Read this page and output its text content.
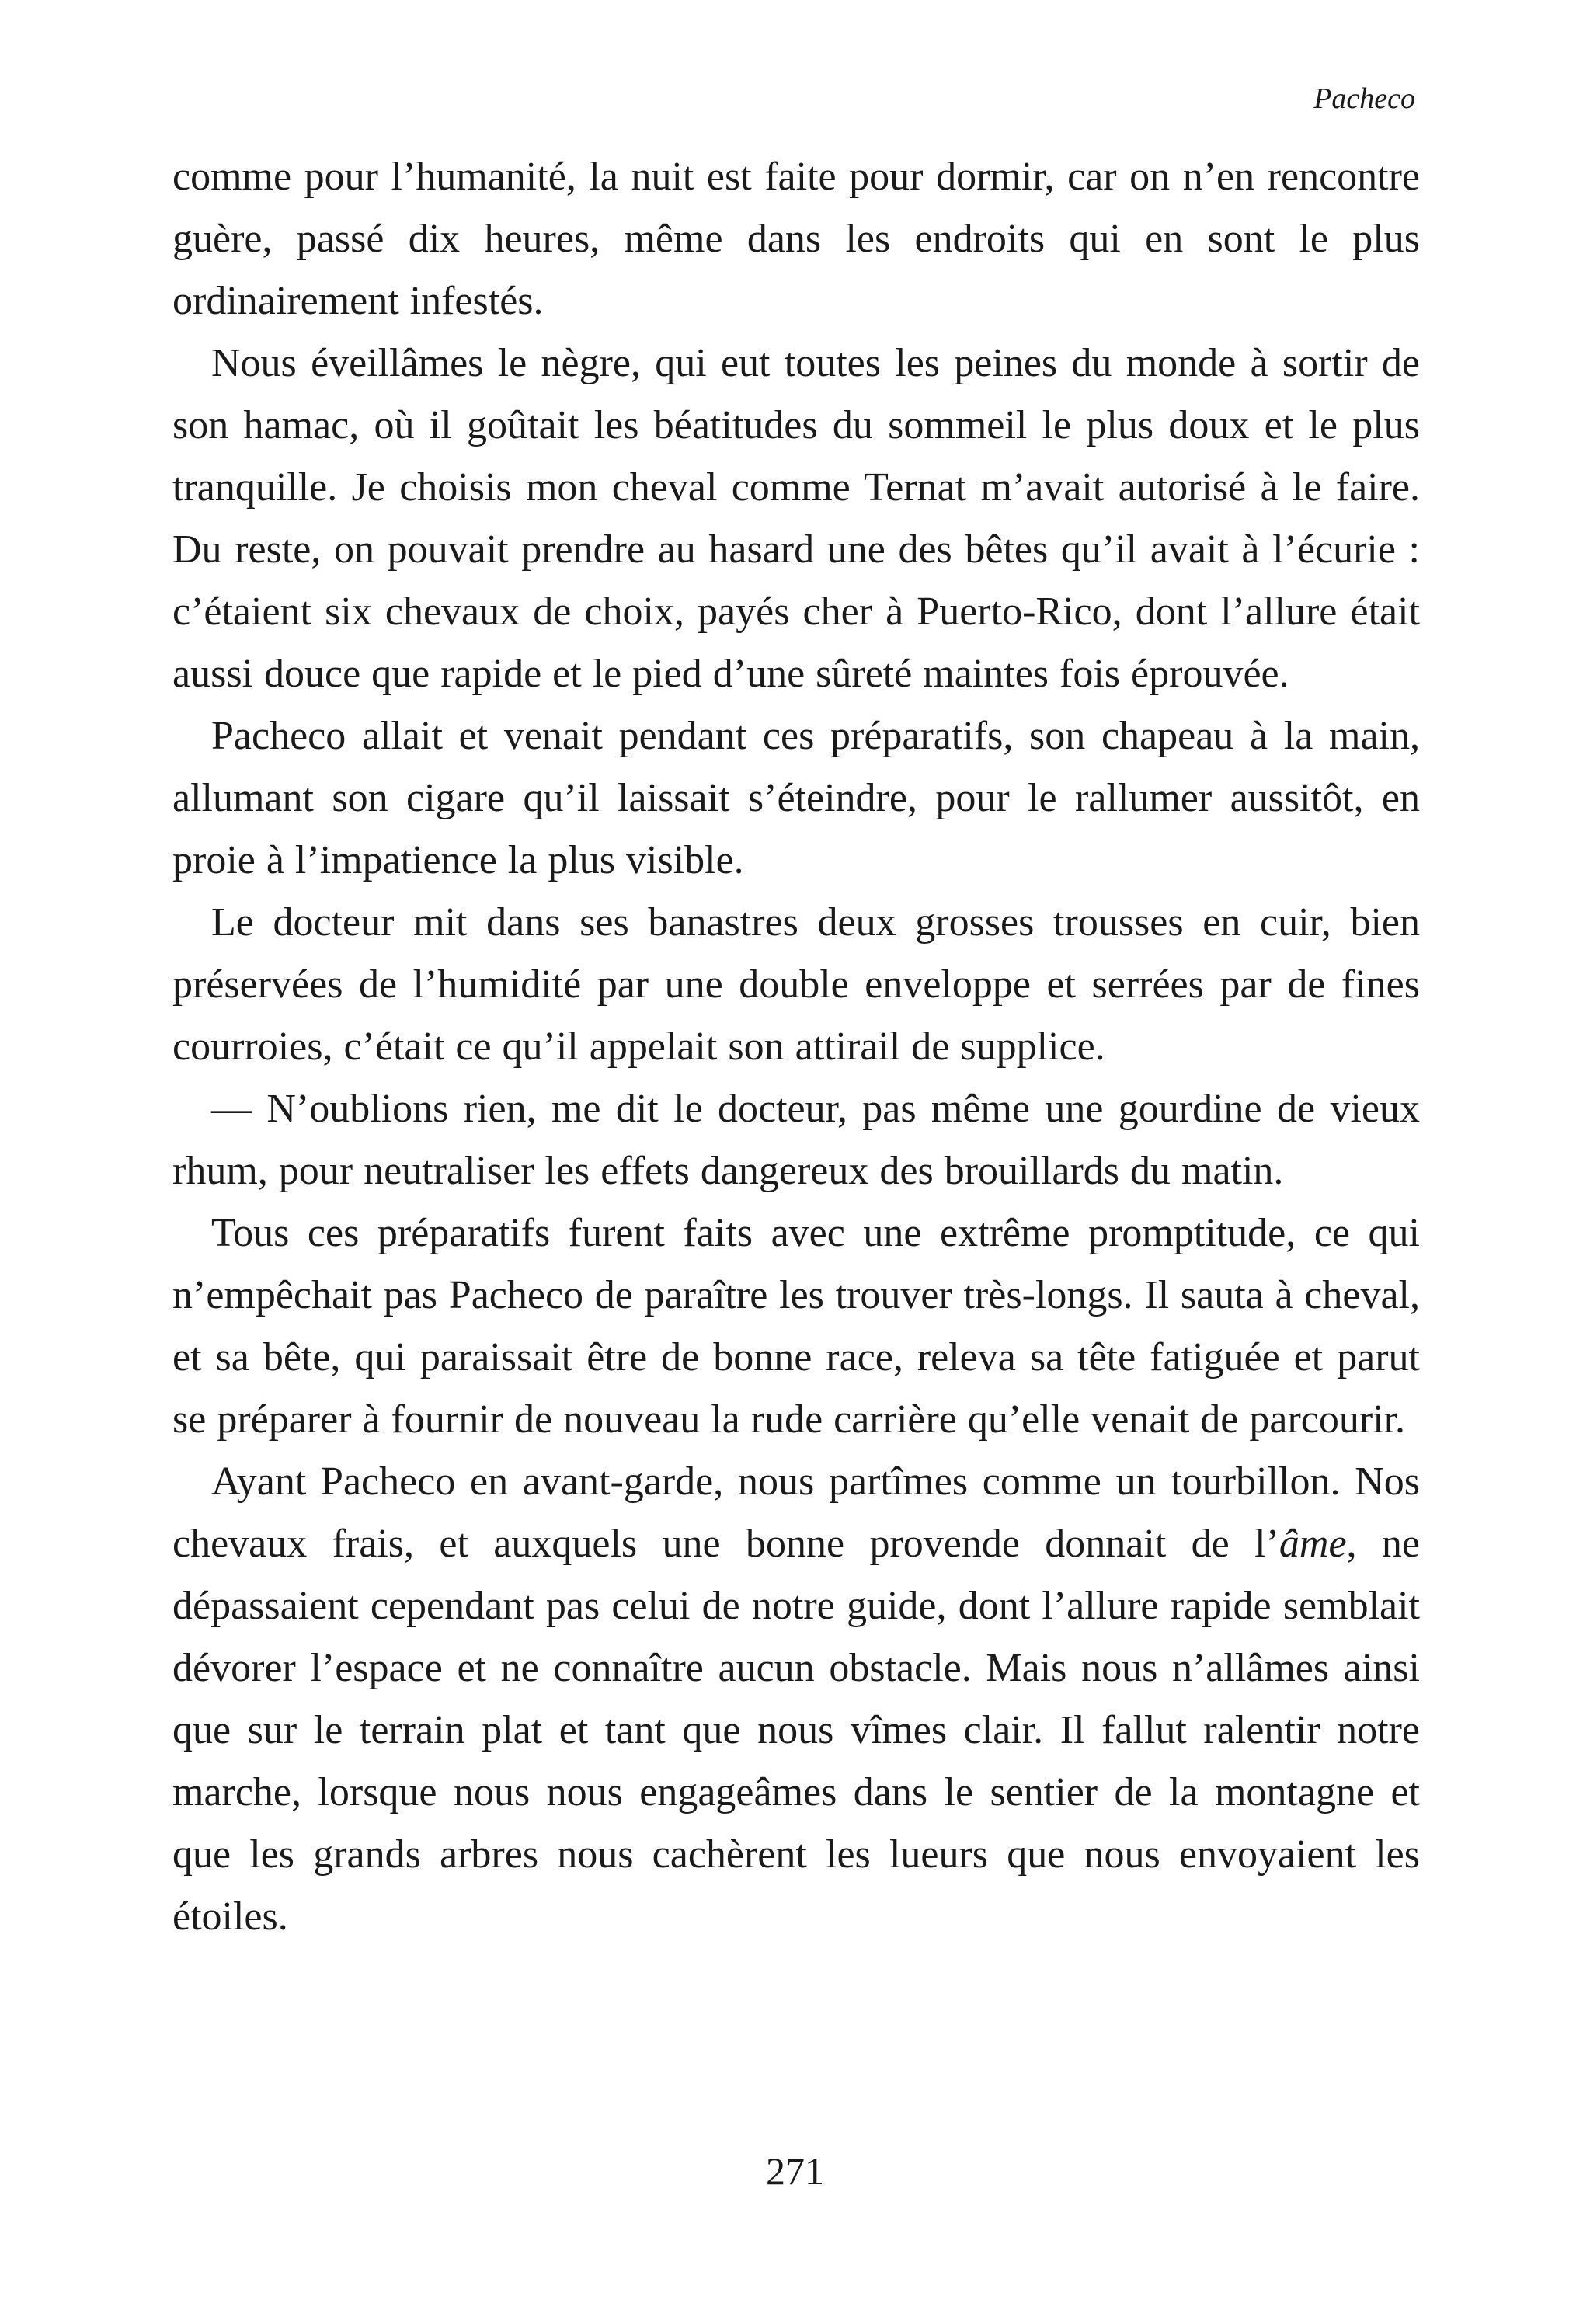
Pacheco

comme pour l’humanité, la nuit est faite pour dormir, car on n’en rencontre guère, passé dix heures, même dans les endroits qui en sont le plus ordinairement infestés.

Nous éveillâmes le nègre, qui eut toutes les peines du monde à sortir de son hamac, où il goûtait les béatitudes du sommeil le plus doux et le plus tranquille. Je choisis mon cheval comme Ternat m’avait autorisé à le faire. Du reste, on pouvait prendre au hasard une des bêtes qu’il avait à l’écurie : c’étaient six chevaux de choix, payés cher à Puerto-Rico, dont l’allure était aussi douce que rapide et le pied d’une sûreté maintes fois éprouvée.

Pacheco allait et venait pendant ces préparatifs, son chapeau à la main, allumant son cigare qu’il laissait s’éteindre, pour le rallumer aussitôt, en proie à l’impatience la plus visible.

Le docteur mit dans ses banastres deux grosses trousses en cuir, bien préservées de l’humidité par une double enveloppe et serrées par de fines courroies, c’était ce qu’il appelait son attirail de supplice.

— N’oublions rien, me dit le docteur, pas même une gourdine de vieux rhum, pour neutraliser les effets dangereux des brouillards du matin.

Tous ces préparatifs furent faits avec une extrême promptitude, ce qui n’empêchait pas Pacheco de paraître les trouver très-longs. Il sauta à cheval, et sa bête, qui paraissait être de bonne race, releva sa tête fatiguée et parut se préparer à fournir de nouveau la rude carrière qu’elle venait de parcourir.

Ayant Pacheco en avant-garde, nous partîmes comme un tourbillon. Nos chevaux frais, et auxquels une bonne provende donnait de l’âme, ne dépassaient cependant pas celui de notre guide, dont l’allure rapide semblait dévorer l’espace et ne connaître aucun obstacle. Mais nous n’allâmes ainsi que sur le terrain plat et tant que nous vîmes clair. Il fallut ralentir notre marche, lorsque nous nous engageâmes dans le sentier de la montagne et que les grands arbres nous cachèrent les lueurs que nous envoyaient les étoiles.

271
